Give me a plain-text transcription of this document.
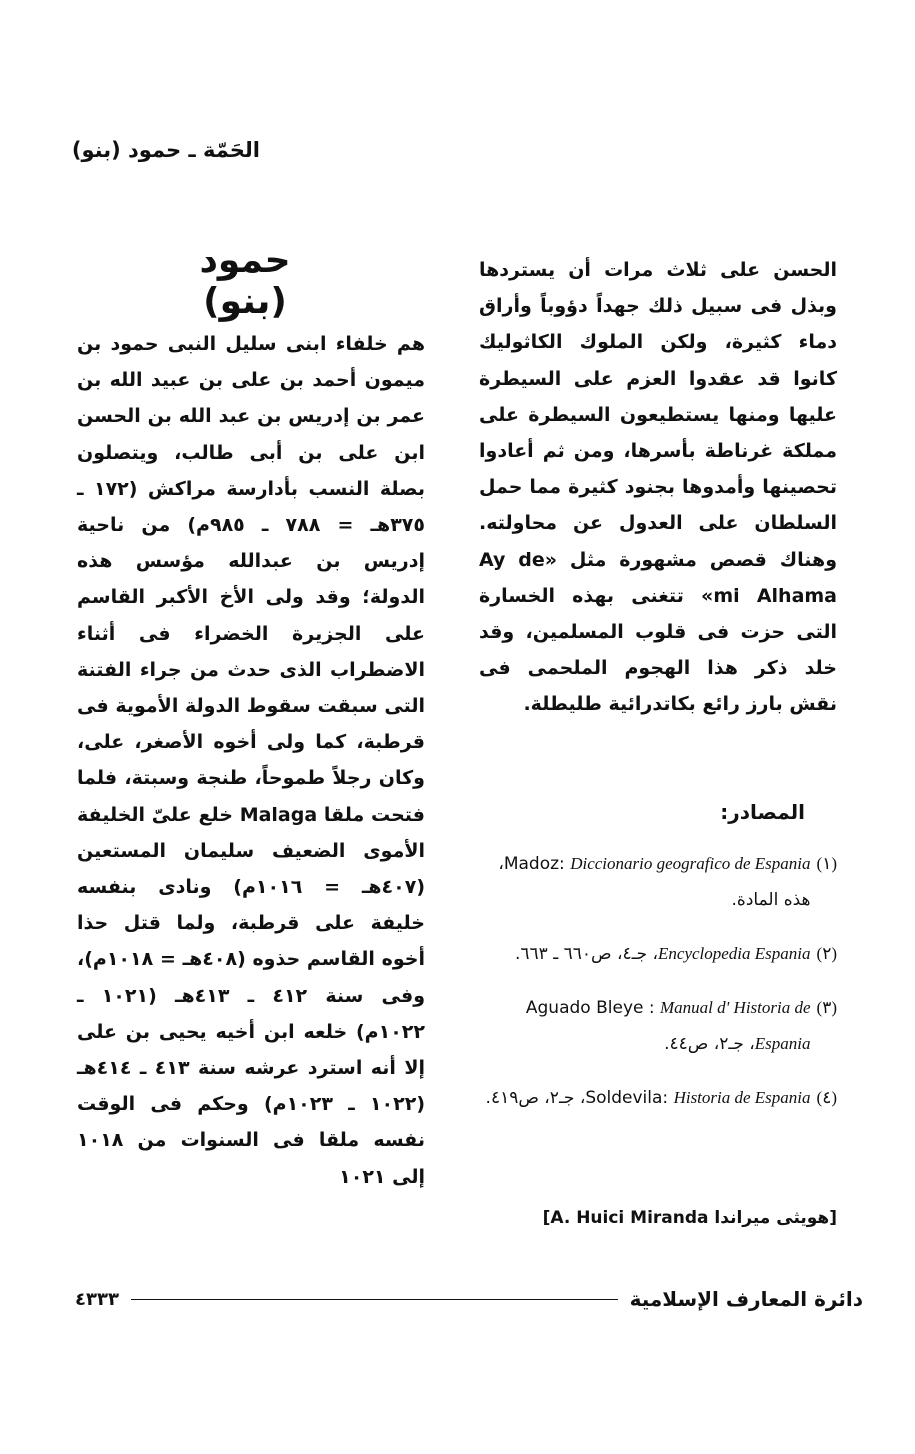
الحَمّة ـ حمود (بنو)
الحسن على ثلاث مرات أن يستردها وبذل فى سبيل ذلك جهداً دؤوباً وأراق دماء كثيرة، ولكن الملوك الكاثوليك كانوا قد عقدوا العزم على السيطرة عليها ومنها يستطيعون السيطرة على مملكة غرناطة بأسرها، ومن ثم أعادوا تحصينها وأمدوها بجنود كثيرة مما حمل السلطان على العدول عن محاولته. وهناك قصص مشهورة مثل «Ay de mi Alhama» تتغنى بهذه الخسارة التى حزت فى قلوب المسلمين، وقد خلد ذكر هذا الهجوم الملحمى فى نقش بارز رائع بكاتدرائية طليطلة.
حمود (بنو)
هم خلفاء ابنى سليل النبى حمود بن ميمون أحمد بن على بن عبيد الله بن عمر بن إدريس بن عبد الله بن الحسن ابن على بن أبى طالب، ويتصلون بصلة النسب بأدارسة مراكش (١٧٢ ـ ٣٧٥هـ = ٧٨٨ ـ ٩٨٥م) من ناحية إدريس بن عبدالله مؤسس هذه الدولة؛ وقد ولى الأخ الأكبر القاسم على الجزيرة الخضراء فى أثناء الاضطراب الذى حدث من جراء الفتنة التى سبقت سقوط الدولة الأموية فى قرطبة، كما ولى أخوه الأصغر، على، وكان رجلاً طموحاً، طنجة وسبتة، فلما فتحت ملقا Malaga خلع علىّ الخليفة الأموى الضعيف سليمان المستعين (٤٠٧هـ = ١٠١٦م) ونادى بنفسه خليفة على قرطبة، ولما قتل حذا أخوه القاسم حذوه (٤٠٨هـ = ١٠١٨م)، وفى سنة ٤١٢ ـ ٤١٣هـ (١٠٢١ ـ ١٠٢٢م) خلعه ابن أخيه يحيى بن على إلا أنه استرد عرشه سنة ٤١٣ ـ ٤١٤هـ (١٠٢٢ ـ ١٠٢٣م) وحكم فى الوقت نفسه ملقا فى السنوات من ١٠١٨ إلى ١٠٢١
المصادر:
(١)
Madoz: Diccionario geografico de Espania، هذه المادة.
(٢)
Encyclopedia Espania، جـ٤، ص٦٦٠ ـ ٦٦٣.
(٣)
Aguado Bleye : Manual d' Historia de Espania، جـ٢، ص٤٤.
(٤)
Soldevila: Historia de Espania، جـ٢، ص٤١٩.
[هويثى ميراندا A. Huici Miranda]
دائرة المعارف الإسلامية
٤٣٣٣
